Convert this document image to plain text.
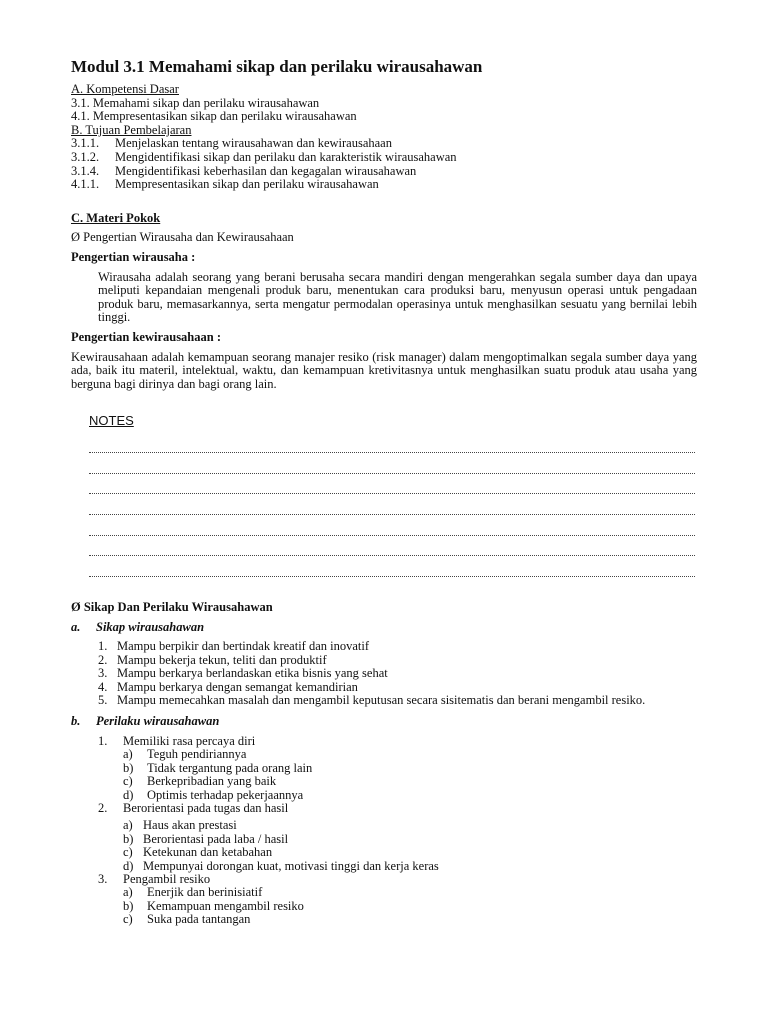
Modul 3.1 Memahami sikap dan perilaku wirausahawan
A. Kompetensi Dasar
3.1. Memahami sikap dan perilaku wirausahawan
4.1. Mempresentasikan sikap dan perilaku wirausahawan
B. Tujuan Pembelajaran
3.1.1. Menjelaskan tentang wirausahawan dan kewirausahaan
3.1.2. Mengidentifikasi sikap dan perilaku dan karakteristik wirausahawan
3.1.4. Mengidentifikasi keberhasilan dan kegagalan wirausahawan
4.1.1. Mempresentasikan sikap dan perilaku wirausahawan
C. Materi Pokok
Ø Pengertian Wirausaha dan Kewirausahaan
Pengertian wirausaha :
Wirausaha adalah seorang yang berani berusaha secara mandiri dengan mengerahkan segala sumber daya dan upaya meliputi kepandaian mengenali produk baru, menentukan cara produksi baru, menyusun operasi untuk pengadaan produk baru, memasarkannya, serta mengatur permodalan operasinya untuk menghasilkan sesuatu yang bernilai lebih tinggi.
Pengertian kewirausahaan :
Kewirausahaan adalah kemampuan seorang manajer resiko (risk manager) dalam mengoptimalkan segala sumber daya yang ada, baik itu materil, intelektual, waktu, dan kemampuan kretivitasnya untuk menghasilkan suatu produk atau usaha yang berguna bagi dirinya dan bagi orang lain.
NOTES
Ø Sikap Dan Perilaku Wirausahawan
a. Sikap wirausahawan
1. Mampu berpikir dan bertindak kreatif dan inovatif
2. Mampu bekerja tekun, teliti dan produktif
3. Mampu berkarya berlandaskan etika bisnis yang sehat
4. Mampu berkarya dengan semangat kemandirian
5. Mampu memecahkan masalah dan mengambil keputusan secara sisitematis dan berani mengambil resiko.
b. Perilaku wirausahawan
1. Memiliki rasa percaya diri
a) Teguh pendiriannya
b) Tidak tergantung pada orang lain
c) Berkepribadian yang baik
d) Optimis terhadap pekerjaannya
2. Berorientasi pada tugas dan hasil
a) Haus akan prestasi
b) Berorientasi pada laba / hasil
c) Ketekunan dan ketabahan
d) Mempunyai dorongan kuat, motivasi tinggi dan kerja keras
3. Pengambil resiko
a) Enerjik dan berinisiatif
b) Kemampuan mengambil resiko
c) Suka pada tantangan
